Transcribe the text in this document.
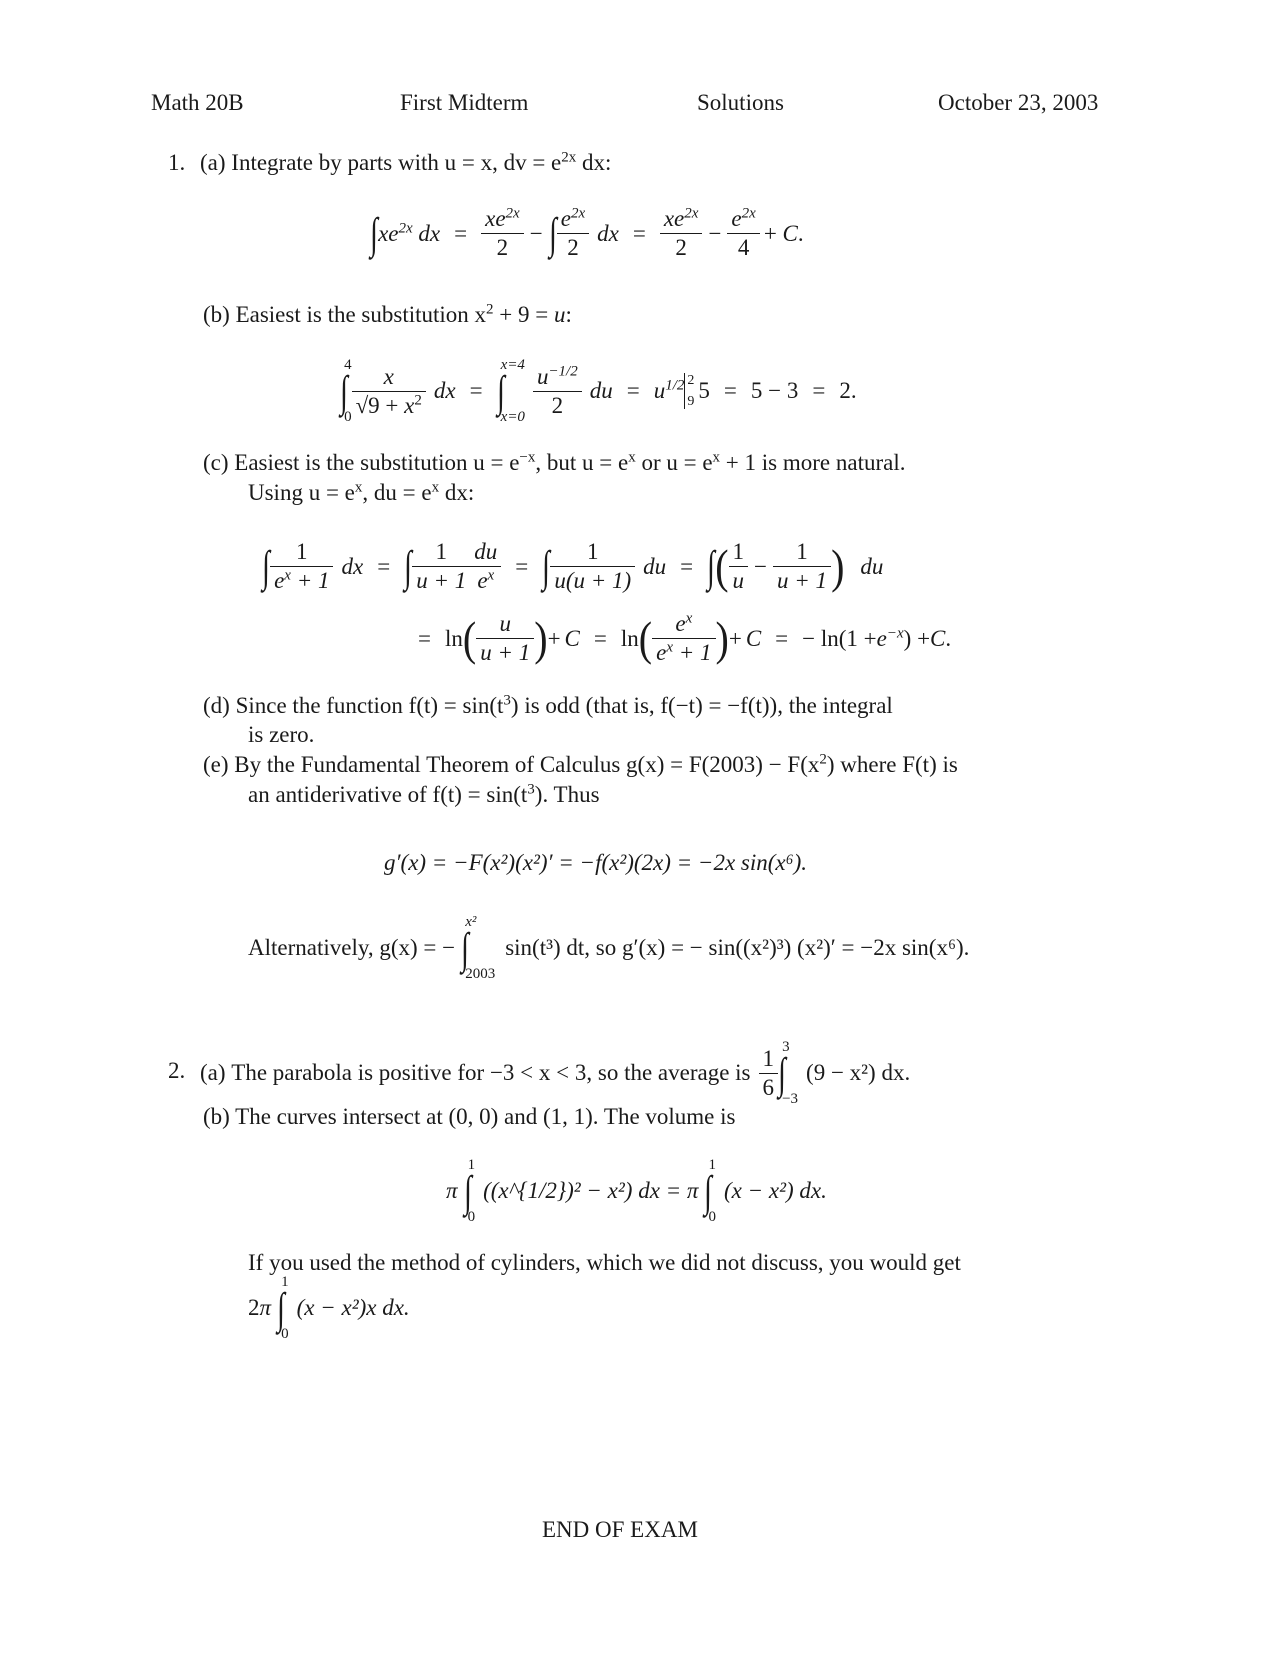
Math 20B	First Midterm	Solutions	October 23, 2003
1. (a) Integrate by parts with u = x, dv = $e^{2x}$ dx:
∫ $xe^{2x}$ dx = $\frac{xe^{2x}}{2}$ − ∫ $\frac{e^{2x}}{2}$ dx = $\frac{xe^{2x}}{2} - \frac{e^{2x}}{4} + C$.
(b) Easiest is the substitution $x^2 + 9 = u$:
∫
4
$0 \frac{x}{√9 + x^2}$ dx = ∫
x=4
$x=0 \frac{u^{-1/2}}{2}$ du = $u^{1/2}$ 2
9 5 = 5 − 3 = 2.
(c) Easiest is the substitution $u = e^{-x}$, but $u = e^x$ or $u = e^x + 1$ is more natural.
Using $u = e^x$, du = $e^x$ dx:
∫ $\frac{1}{e^x + 1}$ dx = ∫ $\frac{1}{u + 1} \frac{du}{e^x}$ = ∫ $\frac{1}{u(u + 1)}$ du = ∫ ( $\frac{1}{u} - \frac{1}{u + 1}$ ) du
= ln ( $\frac{u}{u + 1}$ ) + C = ln ( $\frac{e^x}{e^x + 1}$ ) + C = − $\ln(1 + e^{-x}$ ) + C .
(d) Since the function $f(t) = \sin(t^3)$ is odd (that is, f(−t) = −f(t)), the integral
is zero.
(e) By the Fundamental Theorem of Calculus $g(x) = F(2003) - F(x^2)$ where F(t) is
an antiderivative of $f(t) = \sin(t^3)$. Thus
g′(x) = −F(x²)(x²)′ = −f(x²)(2x) = −2x sin(x⁶).
Alternatively, g(x) = − ∫
x²
2003
sin(t³) dt, so g′(x) = − sin((x²)³) (x²)′ = −2x sin(x⁶).
2. (a)
The parabola is positive for −3 < x < 3, so the average is $\frac{1}{6}$ ∫
3
−3
(9 − x²) dx.
(b) The curves intersect at (0, 0) and (1, 1). The volume is
π ∫
1
0
((x^{1/2})² − x²) dx = π ∫
1
0
(x − x²) dx.
If you used the method of cylinders, which we did not discuss, you would get
2 π ∫
1
0
(x − x²)x dx.
END OF EXAM
